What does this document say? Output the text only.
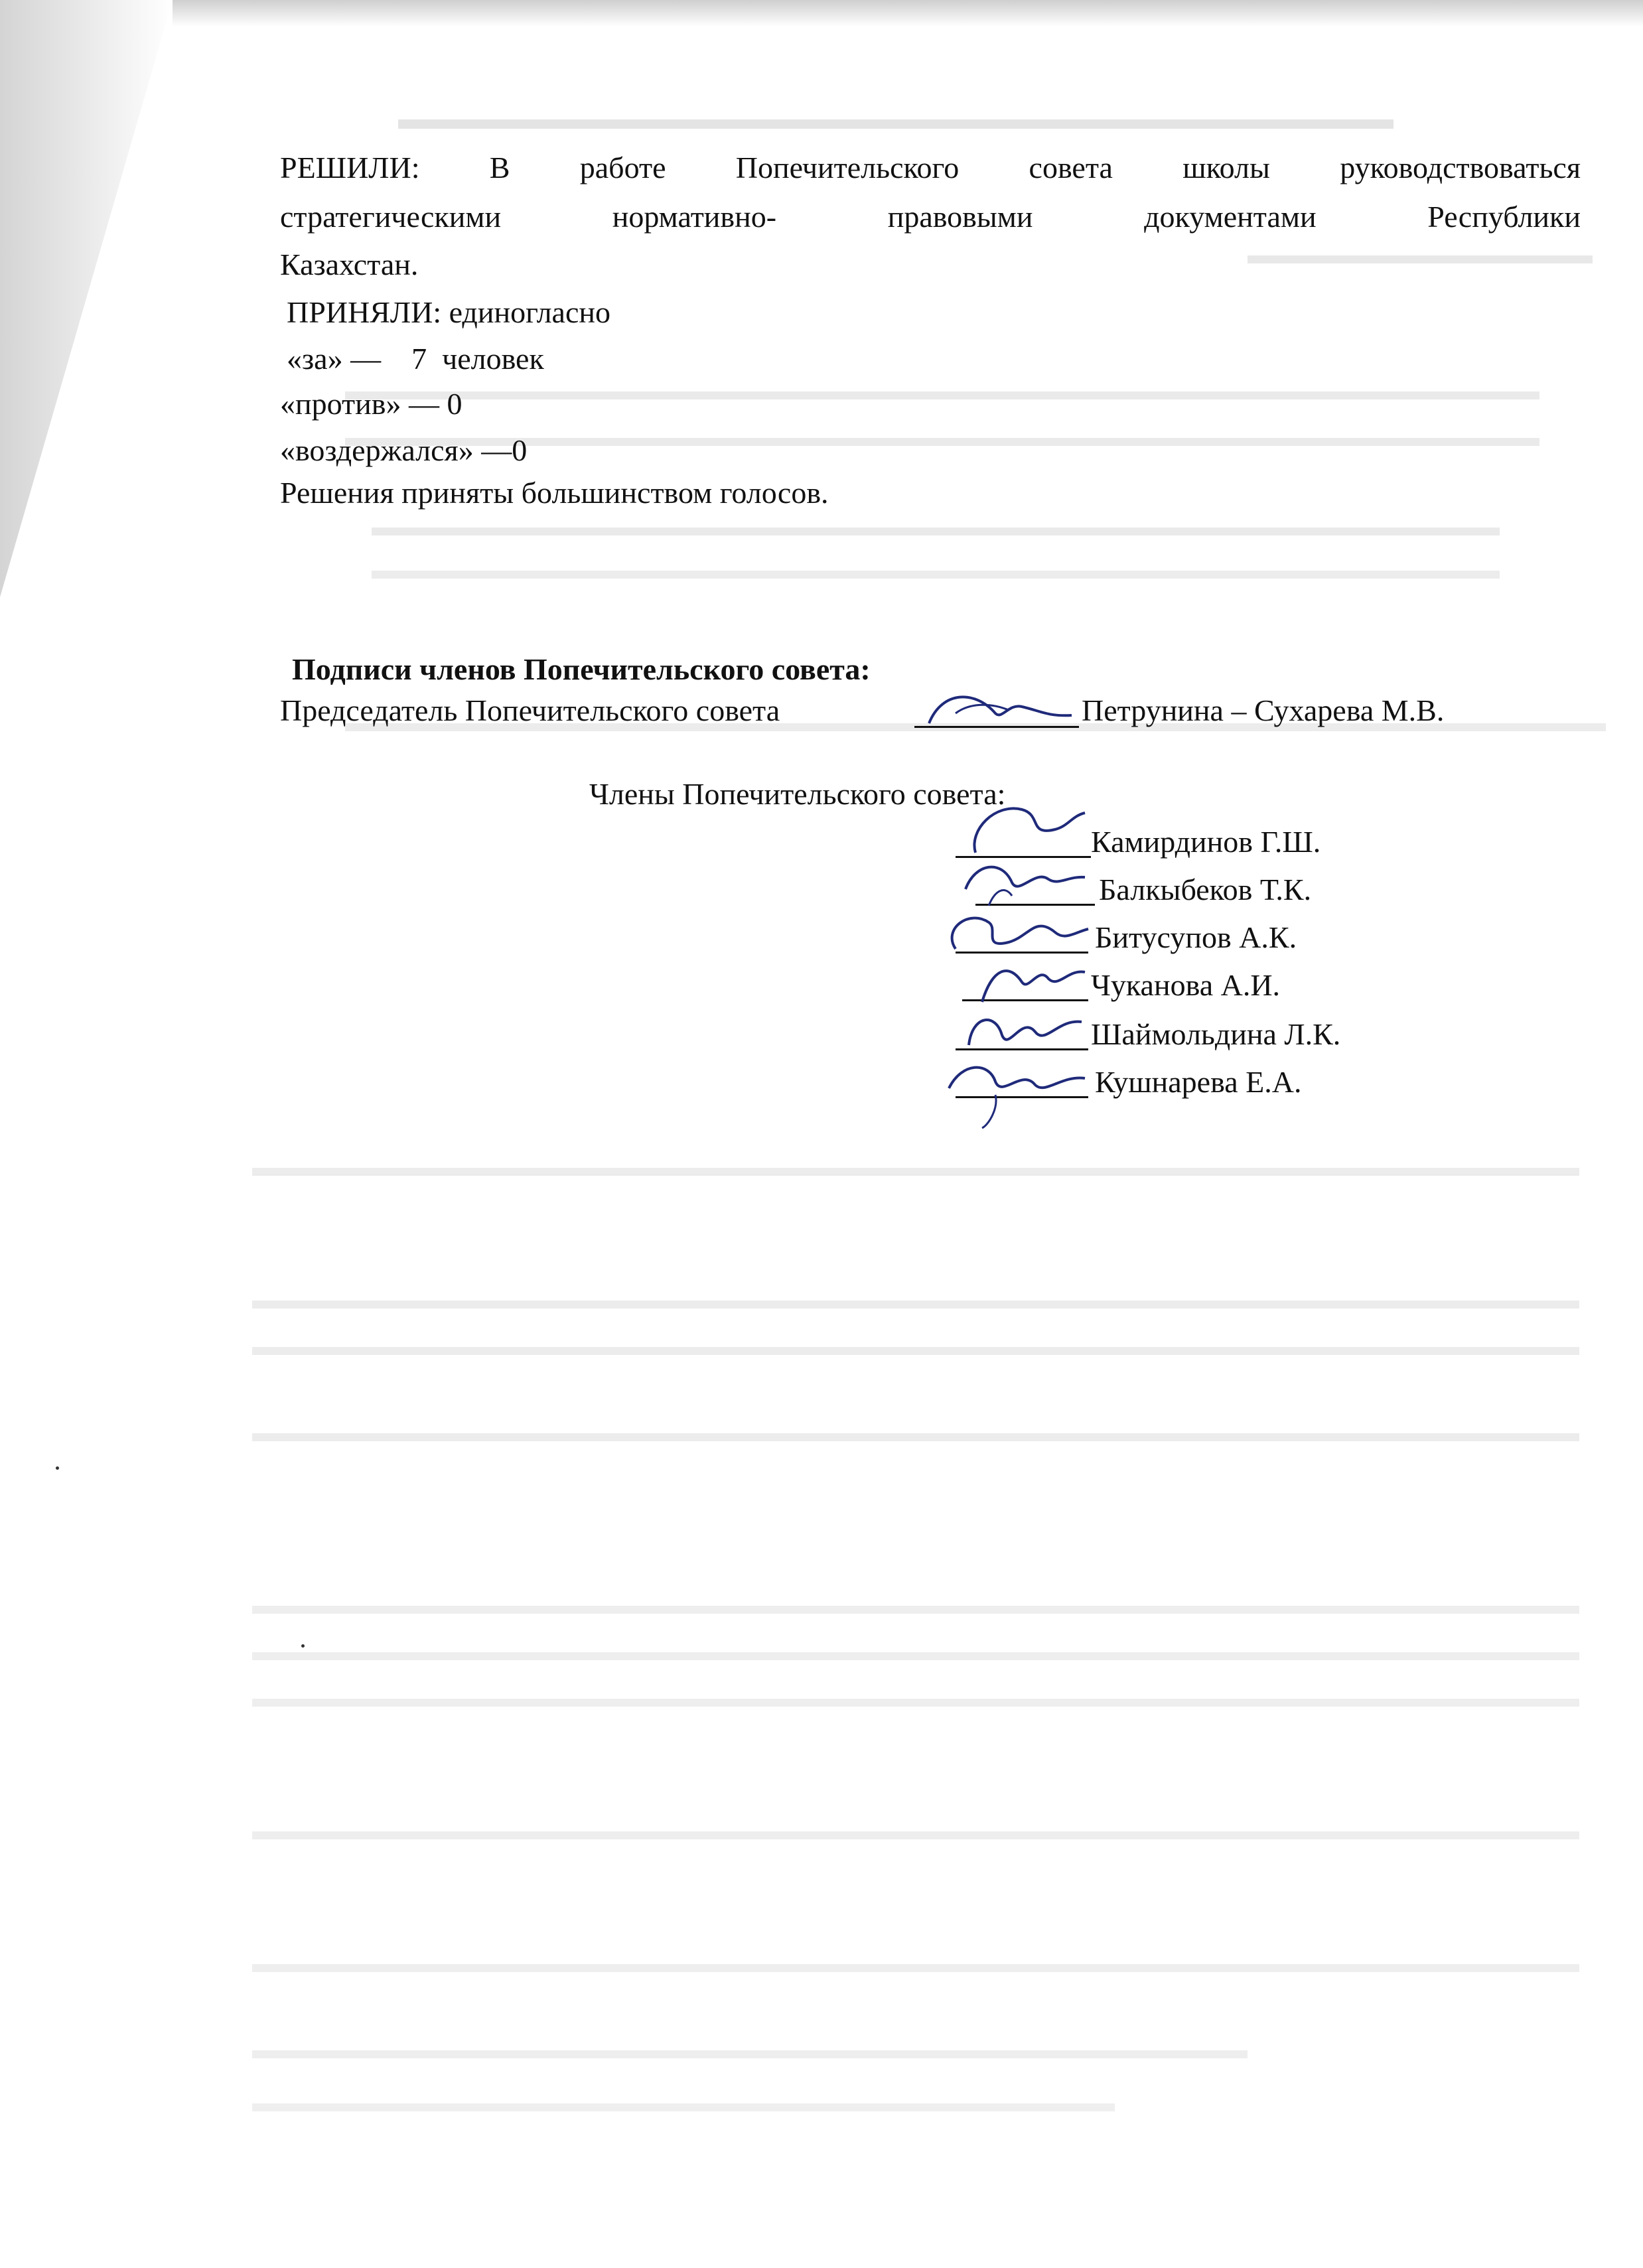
РЕШИЛИ: В работе Попечительского совета школы руководствоваться
стратегическими нормативно- правовыми документами Республики
Казахстан.
ПРИНЯЛИ: единогласно
«за» —    7  человек
«против» — 0
«воздержался» —0
Решения приняты большинством голосов.
Подписи членов Попечительского совета:
Председатель Попечительского совета	Петрунина – Сухарева М.В.
Члены Попечительского совета:
Камирдинов Г.Ш.
Балкыбеков Т.К.
Битусупов А.К.
Чуканова А.И.
Шаймольдина Л.К.
Кушнарева Е.А.
